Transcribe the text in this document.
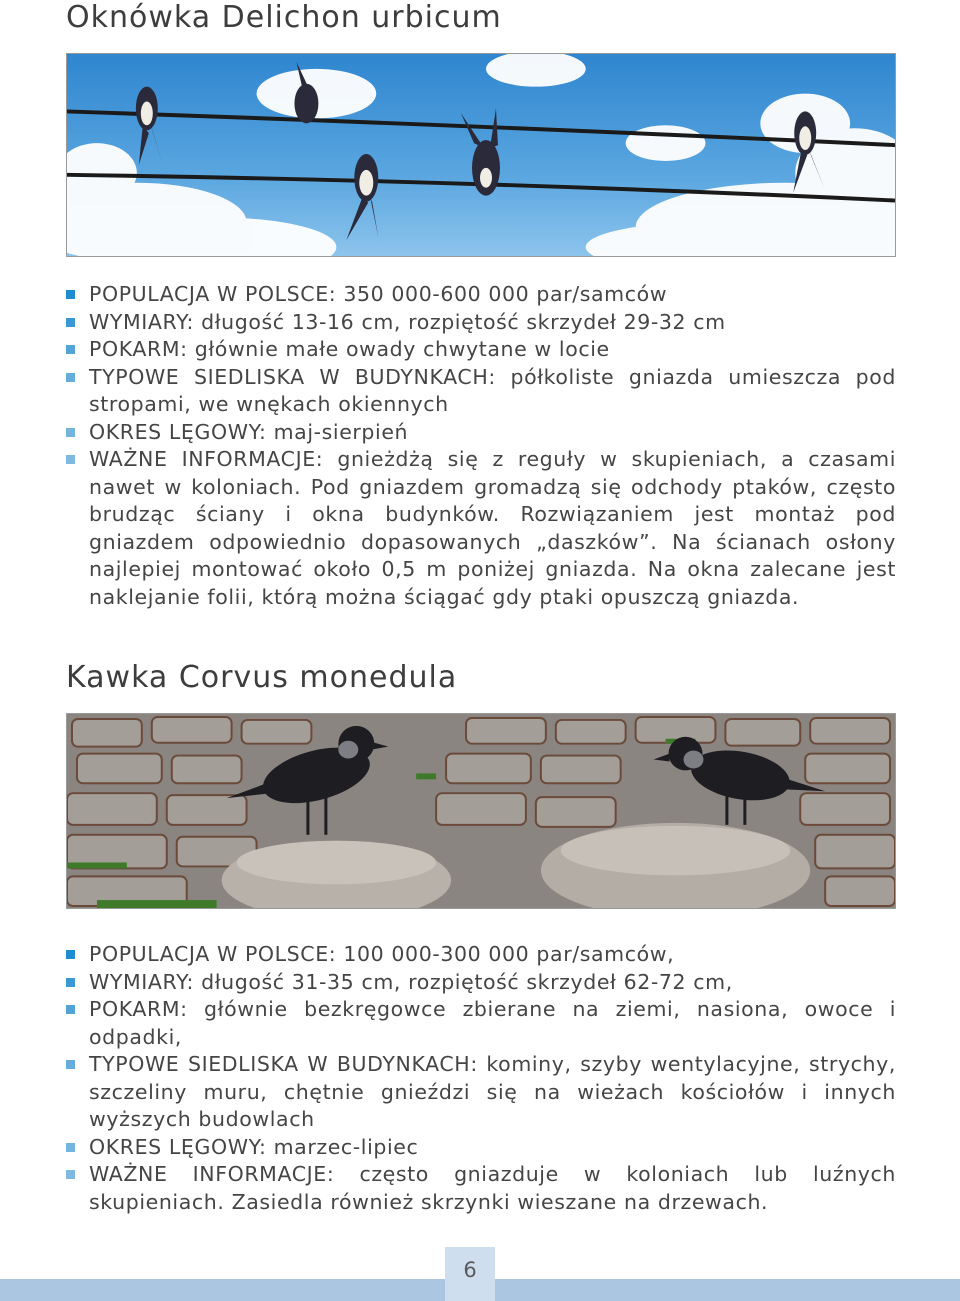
Oknówka Delichon urbicum
POPULACJA W POLSCE: 350 000-600 000 par/samców
WYMIARY: długość 13-16 cm, rozpiętość skrzydeł 29-32 cm
POKARM: głównie małe owady chwytane w locie
TYPOWE SIEDLISKA W BUDYNKACH: półkoliste gniazda umieszcza pod stropami, we wnękach okiennych
OKRES LĘGOWY: maj-sierpień
WAŻNE INFORMACJE: gnieżdżą się z reguły w skupieniach, a czasami nawet w koloniach. Pod gniazdem gromadzą się odchody ptaków, często brudząc ściany i okna budynków. Rozwiązaniem jest montaż pod gniazdem odpowiednio dopasowanych „daszków”. Na ścianach osłony najlepiej montować około 0,5 m poniżej gniazda. Na okna zalecane jest naklejanie folii, którą można ściągać gdy ptaki opuszczą gniazda.
Kawka Corvus monedula
POPULACJA W POLSCE: 100 000-300 000 par/samców,
WYMIARY: długość 31-35 cm, rozpiętość skrzydeł 62-72 cm,
POKARM: głównie bezkręgowce zbierane na ziemi, nasiona, owoce i odpadki,
TYPOWE SIEDLISKA W BUDYNKACH: kominy, szyby wentylacyjne, strychy, szczeliny muru, chętnie gnieździ się na wieżach kościołów i innych wyższych budowlach
OKRES LĘGOWY: marzec-lipiec
WAŻNE INFORMACJE: często gniazduje w koloniach lub luźnych skupieniach. Zasiedla również skrzynki wieszane na drzewach.
6
